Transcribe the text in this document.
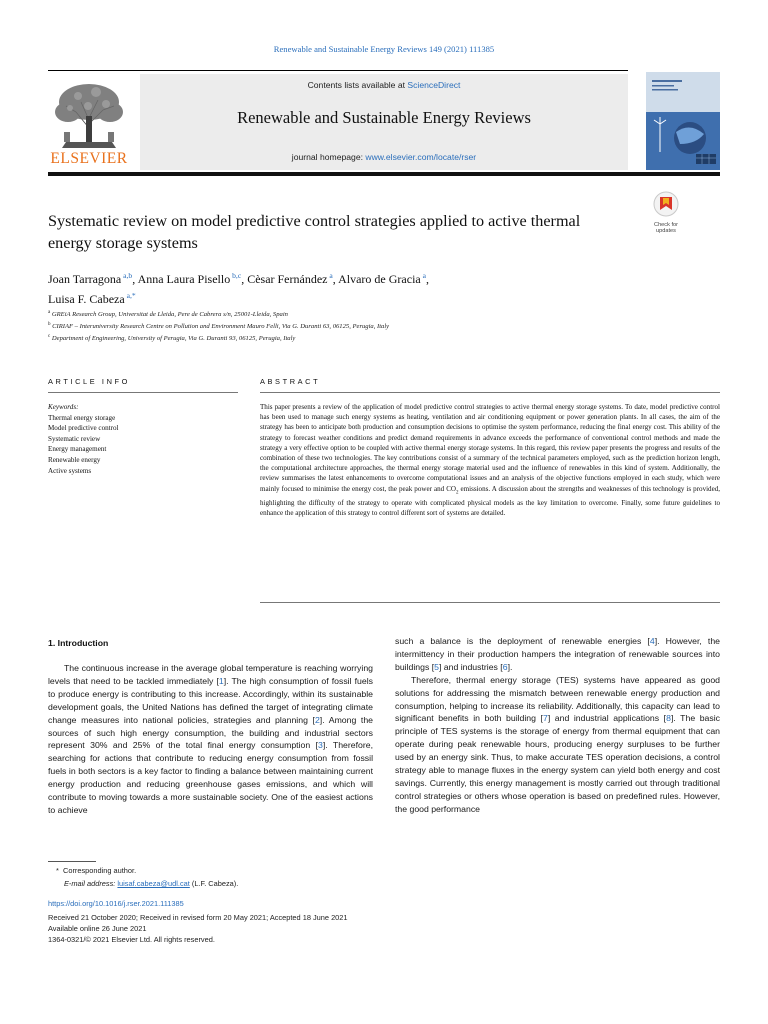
Renewable and Sustainable Energy Reviews 149 (2021) 111385
ELSEVIER
Contents lists available at ScienceDirect
Renewable and Sustainable Energy Reviews
journal homepage: www.elsevier.com/locate/rser
Systematic review on model predictive control strategies applied to active thermal energy storage systems
Check for
updates
Joan Tarragona $^{a,b}$, Anna Laura Pisello $^{b,c}$, Cèsar Fernández $^a$, Alvaro de Gracia $^a$,
Luisa F. Cabeza $^{a,*}$
$^a$ GREiA Research Group, Universitat de Lleida, Pere de Cabrera s/n, 25001-Lleida, Spain
$^b$ CIRIAF – Interuniversity Research Centre on Pollution and Environment Mauro Felli, Via G. Duranti 63, 06125, Perugia, Italy
$^c$ Department of Engineering, University of Perugia, Via G. Duranti 93, 06125, Perugia, Italy
ARTICLE INFO
Keywords:
Thermal energy storage
Model predictive control
Systematic review
Energy management
Renewable energy
Active systems
ABSTRACT
This paper presents a review of the application of model predictive control strategies to active thermal energy storage systems. To date, model predictive control has been used to manage such energy systems as heating, ventilation and air conditioning equipment or power generation plants. In all cases, the aim of the strategy has been to anticipate both production and consumption decisions to optimise the system performance, reducing the final energy cost. This ability of the strategy to forecast weather conditions and predict demand requirements in advance exceeds the performance of conventional control methods and made the strategy a very effective option to be coupled with active thermal energy storage systems. In this regard, this review paper presents the progress and results of the combination of these two technologies. The key contributions consist of a summary of the technical parameters employed, such as the prediction horizon length, the computational architecture approaches, the thermal energy storage material used and the influence of renewables in this kind of system. Additionally, the review summarises the latest enhancements to overcome computational issues and an analysis of the objective functions employed in each study, which were mainly focused to minimise the energy cost, the peak power and $CO_2$ emissions. A discussion about the strengths and weaknesses of this technology is provided, highlighting the difficulty of the strategy to operate with complicated physical models as the key limitation to overcome. Finally, some future guidelines to enhance the application of this strategy to control different sort of systems are detailed.
1. Introduction
The continuous increase in the average global temperature is reaching worrying levels that need to be tackled immediately [1]. The high consumption of fossil fuels to produce energy is contributing to this increase. Accordingly, within its sustainable development goals, the United Nations has defined the target of integrating climate change measures into national policies, strategies and planning [2]. Among the sources of such high energy consumption, the building and industrial sectors represent 30% and 25% of the total final energy consumption [3]. Therefore, searching for actions that contribute to reducing energy consumption from fossil fuels in both sectors is a key factor to finding a balance between maintaining current energy production and reducing greenhouse gases emissions, and which will contribute to moving towards a more sustainable society. One of the easiest actions to achieve
such a balance is the deployment of renewable energies [4]. However, the intermittency in their production hampers the integration of renewable sources into buildings [5] and industries [6].
Therefore, thermal energy storage (TES) systems have appeared as good solutions for addressing the mismatch between renewable energy production and consumption, helping to increase its reliability. Additionally, this capacity can lead to significant benefits in both building [7] and industrial applications [8]. The basic principle of TES systems is the storage of energy from thermal equipment that can operate during peak renewable hours, producing energy surpluses to be further used by an energy sink. Thus, to make accurate TES operation decisions, a control strategy able to manage fluxes in the energy system can yield both energy and cost savings. Currently, this energy management is mostly carried out through traditional control strategies or others whose operation is based on predefined rules. However, the good performance
* Corresponding author.
E-mail address: luisaf.cabeza@udl.cat (L.F. Cabeza).
https://doi.org/10.1016/j.rser.2021.111385
Received 21 October 2020; Received in revised form 20 May 2021; Accepted 18 June 2021
Available online 26 June 2021
1364-0321/© 2021 Elsevier Ltd. All rights reserved.
